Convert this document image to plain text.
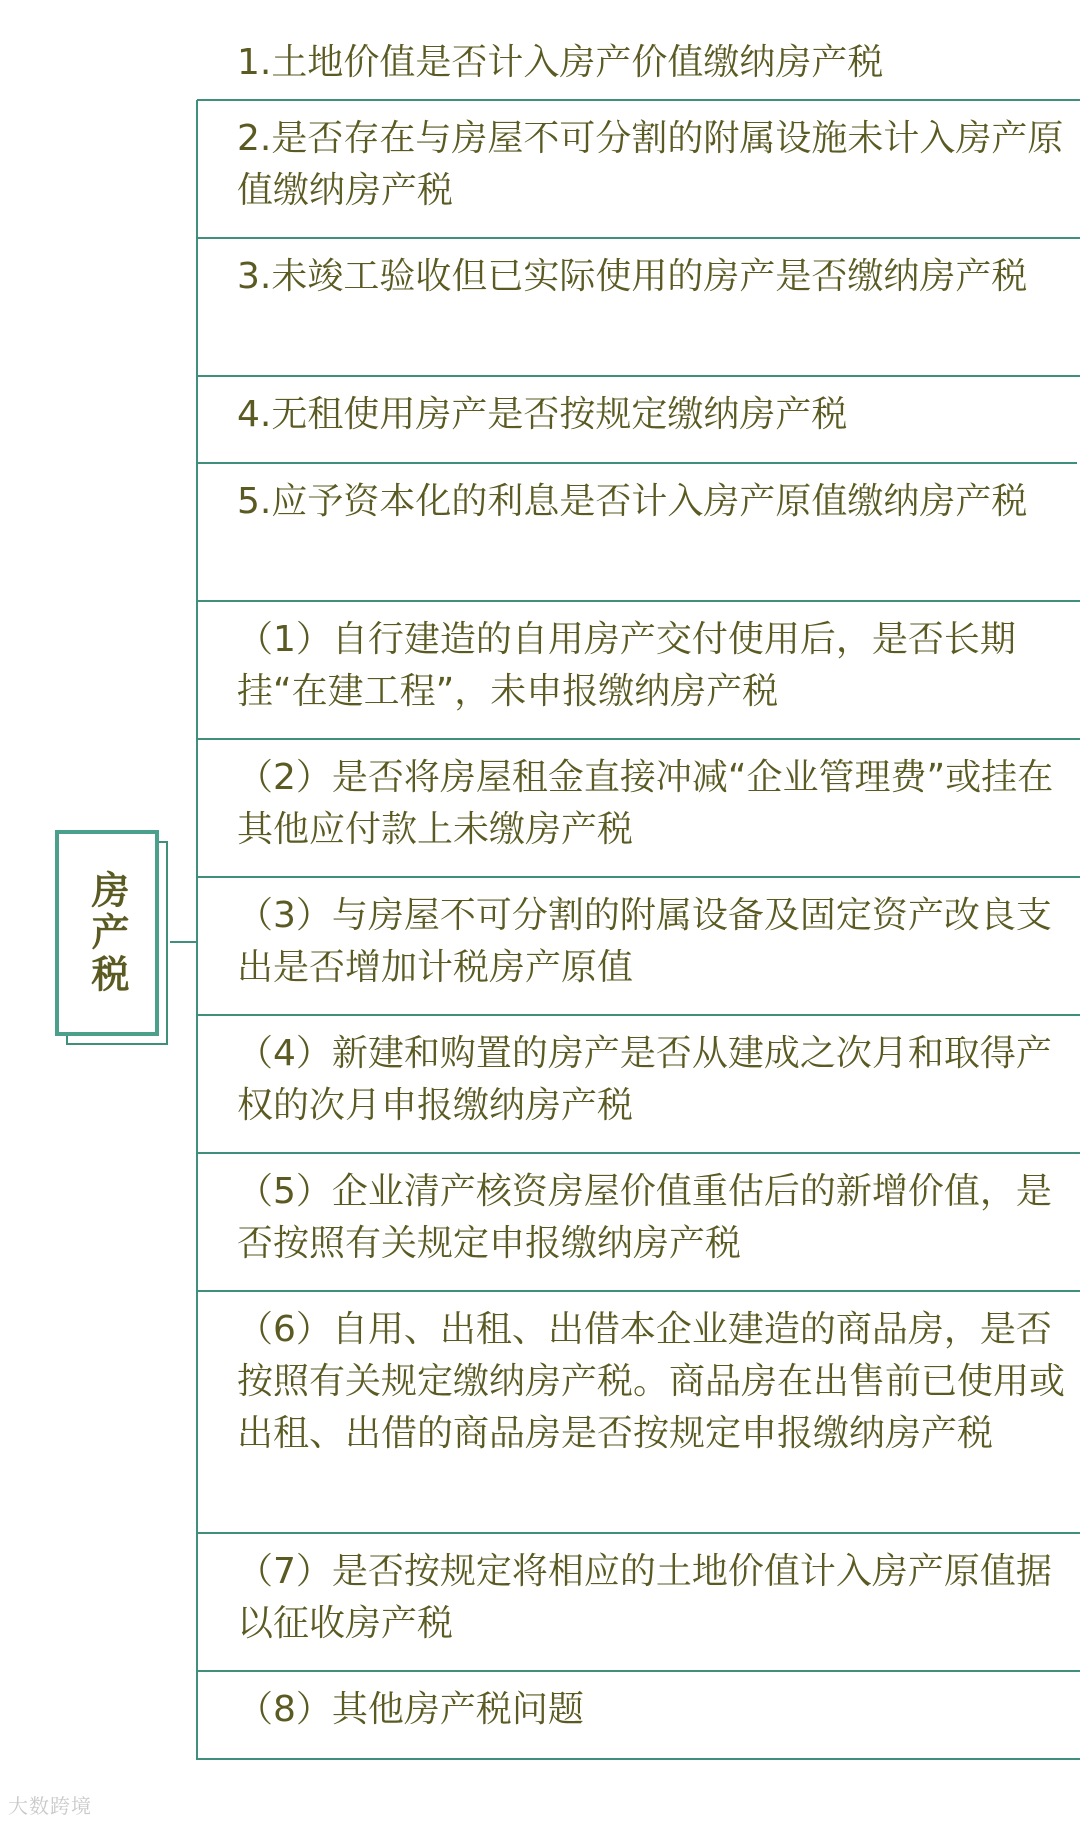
房产税
1.土地价值是否计入房产价值缴纳房产税
2.是否存在与房屋不可分割的附属设施未计入房产原值缴纳房产税
3.未竣工验收但已实际使用的房产是否缴纳房产税
4.无租使用房产是否按规定缴纳房产税
5.应予资本化的利息是否计入房产原值缴纳房产税
（1）自行建造的自用房产交付使用后，是否长期挂“在建工程”，未申报缴纳房产税
（2）是否将房屋租金直接冲减“企业管理费”或挂在其他应付款上未缴房产税
（3）与房屋不可分割的附属设备及固定资产改良支出是否增加计税房产原值
（4）新建和购置的房产是否从建成之次月和取得产权的次月申报缴纳房产税
（5）企业清产核资房屋价值重估后的新增价值，是否按照有关规定申报缴纳房产税
（6）自用、出租、出借本企业建造的商品房，是否按照有关规定缴纳房产税。商品房在出售前已使用或出租、出借的商品房是否按规定申报缴纳房产税
（7）是否按规定将相应的土地价值计入房产原值据以征收房产税
（8）其他房产税问题
大数跨境
